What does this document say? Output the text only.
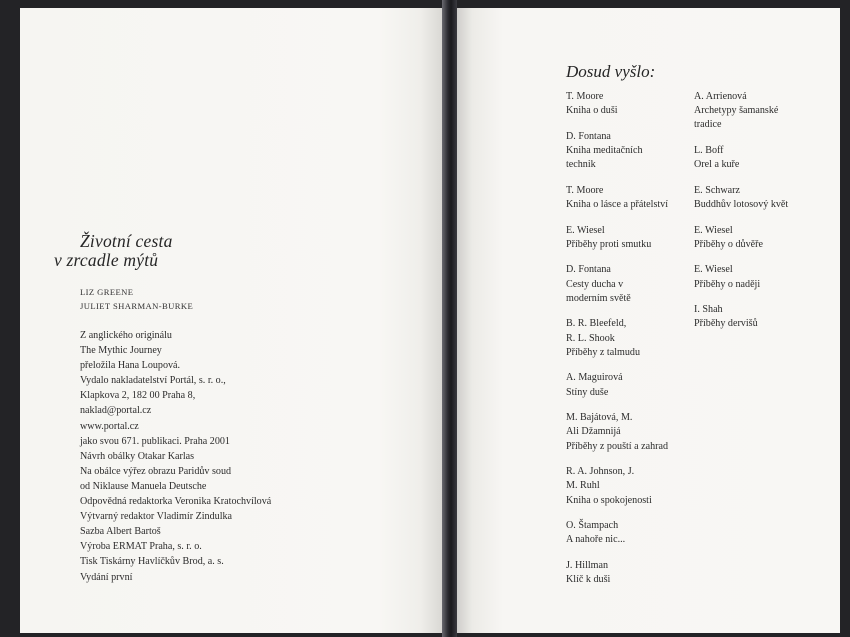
Životní cesta
v zrcadle mýtů
LIZ GREENE
JULIET SHARMAN-BURKE
Z anglického originálu
The Mythic Journey
přeložila Hana Loupová.
Vydalo nakladatelství Portál, s. r. o.,
Klapkova 2, 182 00 Praha 8,
naklad@portal.cz
www.portal.cz
jako svou 671. publikaci. Praha 2001
Návrh obálky Otakar Karlas
Na obálce výřez obrazu Paridův soud
od Niklause Manuela Deutsche
Odpovědná redaktorka Veronika Kratochvílová
Výtvarný redaktor Vladimír Zindulka
Sazba Albert Bartoš
Výroba ERMAT Praha, s. r. o.
Tisk Tiskárny Havlíčkův Brod, a. s.
Vydání první
Dosud vyšlo:
T. Moore
Kniha o duši
D. Fontana
Kniha meditačních technik
T. Moore
Kniha o lásce a přátelství
E. Wiesel
Příběhy proti smutku
D. Fontana
Cesty ducha v moderním světě
B. R. Bleefeld, R. L. Shook
Příběhy z talmudu
A. Maguirová
Stíny duše
M. Bajátová, M. Ali Džamnijá
Příběhy z pouští a zahrad
R. A. Johnson, J. M. Ruhl
Kniha o spokojenosti
O. Štampach
A nahoře nic...
J. Hillman
Klíč k duši
A. Arrienová
Archetypy šamanské tradice
L. Boff
Orel a kuře
E. Schwarz
Buddhův lotosový květ
E. Wiesel
Příběhy o důvěře
E. Wiesel
Příběhy o naději
I. Shah
Příběhy dervišů
